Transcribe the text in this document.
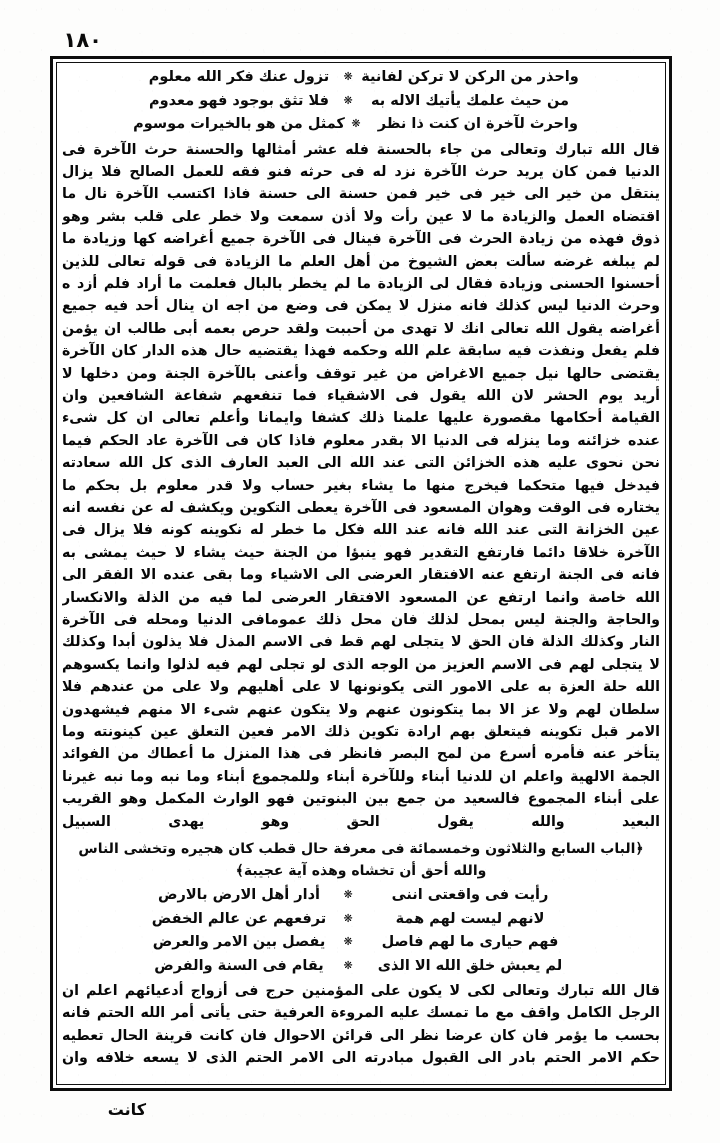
١٨٠
واحذر من الركن لا تركن لفانية
❋
تزول عنك فكر الله معلوم
من حيث علمك يأتيك الاله به
❋
فلا تثق بوجود فهو معدوم
واحرث لآخرة ان كنت ذا نظر
❋
كمثل من هو بالخيرات موسوم

قال الله تبارك وتعالى من جاء بالحسنة فله عشر أمثالها والحسنة حرث الآخرة فى الدنيا فمن كان يريد حرث الآخرة نزد له فى حرثه فنو فقه للعمل الصالح فلا يزال ينتقل من خير الى خير فى خير فمن حسنة الى حسنة فاذا اكتسب الآخرة نال ما اقتضاه العمل والزيادة ما لا عين رأت ولا أذن سمعت ولا خطر على قلب بشر وهو ذوق فهذه من زيادة الحرث فى الآخرة فينال فى الآخرة جميع أغراضه كها وزيادة ما لم يبلغه غرضه سألت بعض الشيوخ من أهل العلم ما الزيادة فى قوله تعالى للذين أحسنوا الحسنى وزيادة فقال لى الزيادة ما لم يخطر بالبال فعلمت ما أراد فلم أزد ه وحرث الدنيا ليس كذلك فانه منزل لا يمكن فى وضع من اجه ان ينال أحد فيه جميع أغراضه يقول الله تعالى انك لا تهدى من أحببت ولقد حرص بعمه أبى طالب ان يؤمن فلم يفعل ونفذت فيه سابقة علم الله وحكمه فهذا يقتضيه حال هذه الدار كان الآخرة يقتضى حالها نيل جميع الاغراض من غير توقف وأعنى بالآخرة الجنة ومن دخلها لا أريد يوم الحشر لان الله يقول فى الاشقياء فما تنفعهم شفاعة الشافعين وان القيامة أحكامها مقصورة عليها علمنا ذلك كشفا وايمانا وأعلم تعالى ان كل شىء عنده خزائنه وما ينزله فى الدنيا الا بقدر معلوم فاذا كان فى الآخرة عاد الحكم فيما نحن نحوى عليه هذه الخزائن التى عند الله الى العبد العارف الذى كل الله سعادته فيدخل فيها متحكما فيخرج منها ما يشاء بغير حساب ولا قدر معلوم بل بحكم ما يختاره فى الوقت وهوان المسعود فى الآخرة يعطى التكوين ويكشف له عن نفسه انه عين الخزانة التى عند الله فانه عند الله فكل ما خطر له نكوينه كونه فلا يزال فى الآخرة خلاقا دائما فارتفع التقدير فهو ينبؤا من الجنة حيث يشاء لا حيث يمشى به فانه فى الجنة ارتفع عنه الافتقار العرضى الى الاشياء وما بقى عنده الا الفقر الى الله خاصة وانما ارتفع عن المسعود الافتقار العرضى لما فيه من الذلة والانكسار والحاجة والجنة ليس بمحل لذلك فان محل ذلك عمومافى الدنيا ومحله فى الآخرة النار وكذلك الذلة فان الحق لا يتجلى لهم قط فى الاسم المذل فلا يذلون أبدا وكذلك لا يتجلى لهم فى الاسم العزيز من الوجه الذى لو تجلى لهم فيه لذلوا وانما يكسوهم الله حلة العزة به على الامور التى يكونونها لا على أهليهم ولا على من عندهم فلا سلطان لهم ولا عز الا بما يتكونون عنهم ولا يتكون عنهم شىء الا منهم فيشهدون الامر قبل تكوينه فيتعلق بهم ارادة تكوين ذلك الامر فعين التعلق عين كينونته وما يتأخر عنه فأمره أسرع من لمح البصر فانظر فى هذا المنزل ما أعطاك من الفوائد الجمة الالهية واعلم ان للدنيا أبناء وللآخرة أبناء وللمجموع أبناء وما نبه وما نبه غيرنا على أبناء المجموع فالسعيد من جمع بين البنوتين فهو الوارث المكمل وهو القريب البعيد والله يقول الحق وهو يهدى السبيل

﴿الباب السابع والثلاثون وخمسمائة فى معرفة حال قطب كان هجيره وتخشى الناس
والله أحق أن تخشاه وهذه آية عجيبة﴾
رأيت فى واقعتى اننى
❋
أدار أهل الارض بالارض
لانهم ليست لهم همة
❋
ترفعهم عن عالم الخفض
فهم حيارى ما لهم فاصل
❋
يفصل بين الامر والعرض
لم يعبش خلق الله الا الذى
❋
يقام فى السنة والفرض

قال الله تبارك وتعالى لكى لا يكون على المؤمنين حرج فى أزواج أدعيائهم اعلم ان الرجل الكامل واقف مع ما تمسك عليه المروءة العرفية حتى يأتى أمر الله الحتم فانه بحسب ما يؤمر فان كان عرضا نظر الى قرائن الاحوال فان كانت قرينة الحال تعطيه حكم الامر الحتم بادر الى القبول مبادرته الى الامر الحتم الذى لا يسعه خلافه وان

كانت
